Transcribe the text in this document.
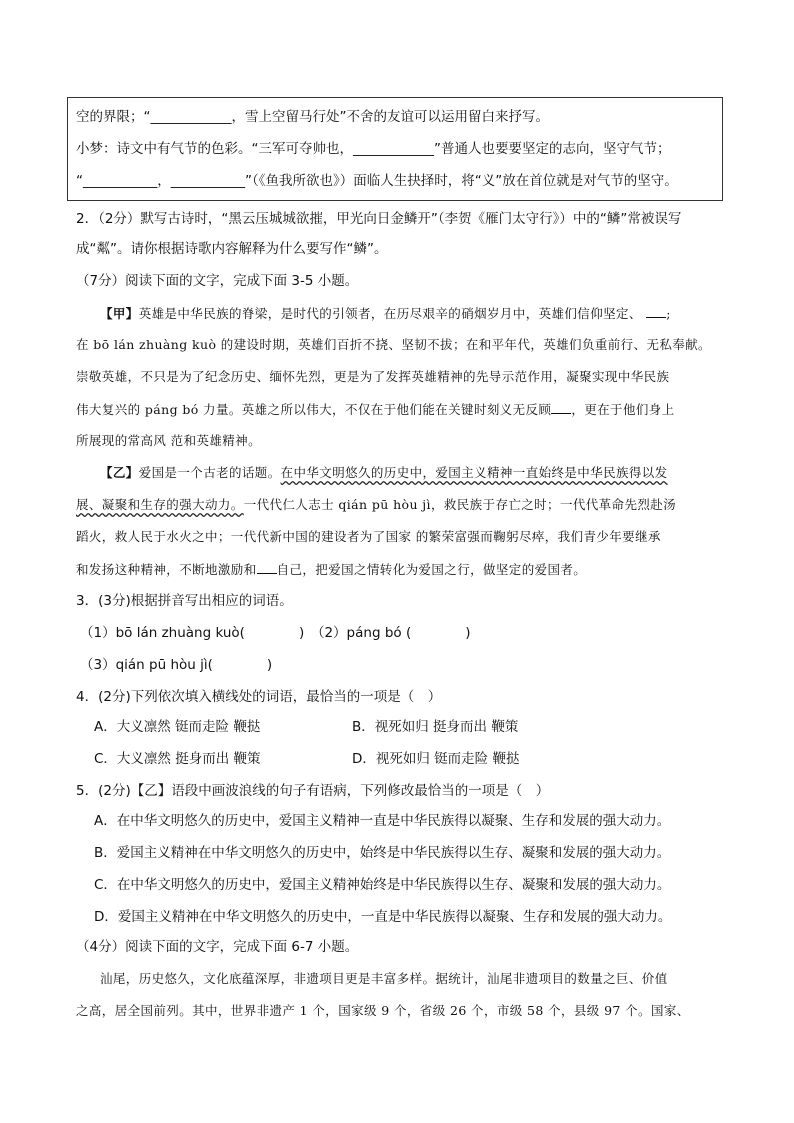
空的界限；“____________，雪上空留马行处”不舍的友谊可以运用留白来抒写。
小梦：诗文中有气节的色彩。“三军可夺帅也，____________”普通人也要要坚定的志向，坚守气节；
“___________，___________”（《鱼我所欲也》）面临人生抉择时，将“义”放在首位就是对气节的坚守。
2．（2分）默写古诗时，“黑云压城城欲摧，甲光向日金鳞开”（李贺《雁门太守行》）中的“鳞”常被误写
成“粼”。请你根据诗歌内容解释为什么要写作“鳞”。
（7分）阅读下面的文字，完成下面 3-5 小题。
【甲】英雄是中华民族的脊梁，是时代的引领者，在历尽艰辛的硝烟岁月中，英雄们信仰坚定、 ;
在 bō lán zhuàng kuò 的建设时期，英雄们百折不挠、坚韧不拔；在和平年代，英雄们负重前行、无私奉献。
崇敬英雄，不只是为了纪念历史、缅怀先烈，更是为了发挥英雄精神的先导示范作用，凝聚实现中华民族
伟大复兴的 páng bó 力量。英雄之所以伟大，不仅在于他们能在关键时刻义无反顾 ，更在于他们身上
所展现的常高风 范和英雄精神。
【乙】爱国是一个古老的话题。在中华文明悠久的历史中，爱国主义精神一直始终是中华民族得以发
展、凝聚和生存的强大动力。一代代仁人志士 qián pū hòu jì，救民族于存亡之时；一代代革命先烈赴汤
蹈火，救人民于水火之中；一代代新中国的建设者为了国家 的繁荣富强而鞠躬尽瘁，我们青少年要继承
和发扬这种精神，不断地激励和 自己，把爱国之情转化为爱国之行，做坚定的爱国者。
3．(3分)根据拼音写出相应的词语。
（1）bō lán zhuàng kuò(　　　　)　（2）páng bó (　　　　)
（3）qián pū hòu jì(　　　　)
4．(2分)下列依次填入横线处的词语，最恰当的一项是（　）
A．大义凛然 铤而走险 鞭挞	B．视死如归 挺身而出 鞭策
C．大义凛然 挺身而出 鞭策	D．视死如归 铤而走险 鞭挞
5．(2分)【乙】语段中画波浪线的句子有语病，下列修改最恰当的一项是（　）
A．在中华文明悠久的历史中，爱国主义精神一直是中华民族得以凝聚、生存和发展的强大动力。
B．爱国主义精神在中华文明悠久的历史中，始终是中华民族得以生存、凝聚和发展的强大动力。
C．在中华文明悠久的历史中，爱国主义精神始终是中华民族得以生存、凝聚和发展的强大动力。
D．爱国主义精神在中华文明悠久的历史中，一直是中华民族得以凝聚、生存和发展的强大动力。
（4分）阅读下面的文字，完成下面 6-7 小题。
汕尾，历史悠久，文化底蕴深厚，非遗项目更是丰富多样。据统计，汕尾非遗项目的数量之巨、价值
之高，居全国前列。其中，世界非遗产 1 个，国家级 9 个，省级 26 个，市级 58 个，县级 97 个。国家、
